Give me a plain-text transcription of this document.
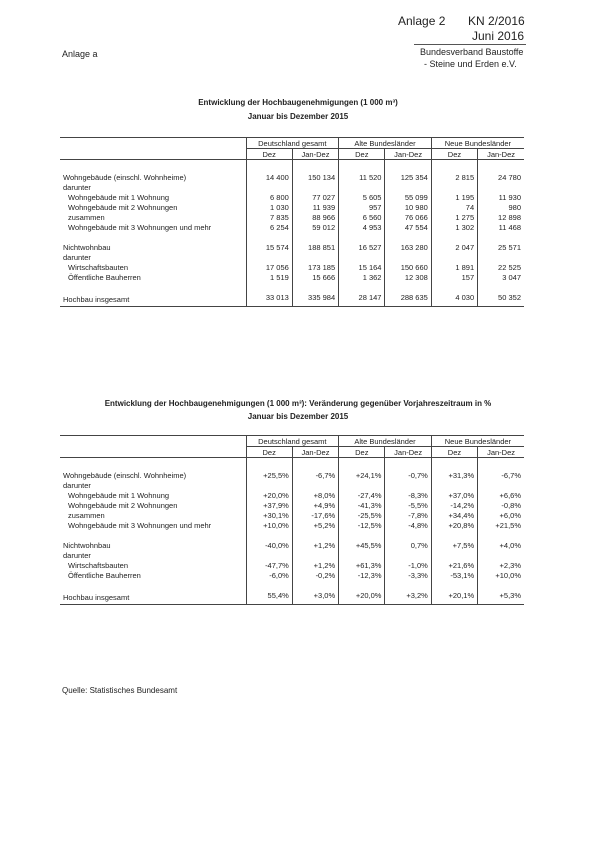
Anlage 2 KN 2/2016
Juni 2016
Bundesverband Baustoffe
- Steine und Erden e.V.
Anlage a
Entwicklung der Hochbaugenehmigungen (1 000 m³)
Januar bis Dezember 2015
	Deutschland gesamt		Alte Bundesländer		Neue Bundesländer	
	Dez	Jan-Dez	Dez	Jan-Dez	Dez	Jan-Dez
Wohngebäude (einschl. Wohnheime)	14 400	150 134	11 520	125 354	2 815	24 780
darunter						
Wohngebäude mit 1 Wohnung	6 800	77 027	5 605	55 099	1 195	11 930
Wohngebäude mit 2 Wohnungen	1 030	11 939	957	10 980	74	980
zusammen	7 835	88 966	6 560	76 066	1 275	12 898
Wohngebäude mit 3 Wohnungen und mehr	6 254	59 012	4 953	47 554	1 302	11 468

Nichtwohnbau	15 574	188 851	16 527	163 280	2 047	25 571
darunter						
Wirtschaftsbauten	17 056	173 185	15 164	150 660	1 891	22 525
Öffentliche Bauherren	1 519	15 666	1 362	12 308	157	3 047

Hochbau insgesamt	33 013	335 984	28 147	288 635	4 030	50 352
Entwicklung der Hochbaugenehmigungen (1 000 m³): Veränderung gegenüber Vorjahreszeitraum in %
Januar bis Dezember 2015
	Deutschland gesamt		Alte Bundesländer		Neue Bundesländer	
	Dez	Jan-Dez	Dez	Jan-Dez	Dez	Jan-Dez
Wohngebäude (einschl. Wohnheime)	+25,5%	-6,7%	+24,1%	-0,7%	+31,3%	-6,7%
darunter						
Wohngebäude mit 1 Wohnung	+20,0%	+8,0%	-27,4%	-8,3%	+37,0%	+6,6%
Wohngebäude mit 2 Wohnungen	+37,9%	+4,9%	-41,3%	-5,5%	-14,2%	-0,8%
zusammen	+30,1%	-17,6%	-25,5%	-7,8%	+34,4%	+6,0%
Wohngebäude mit 3 Wohnungen und mehr	+10,0%	+5,2%	-12,5%	-4,8%	+20,8%	+21,5%

Nichtwohnbau	-40,0%	+1,2%	+45,5%	0,7%	+7,5%	+4,0%
darunter						
Wirtschaftsbauten	-47,7%	+1,2%	+61,3%	-1,0%	+21,6%	+2,3%
Öffentliche Bauherren	-6,0%	-0,2%	-12,3%	-3,3%	-53,1%	+10,0%

Hochbau insgesamt	55,4%	+3,0%	+20,0%	+3,2%	+20,1%	+5,3%
Quelle: Statistisches Bundesamt
